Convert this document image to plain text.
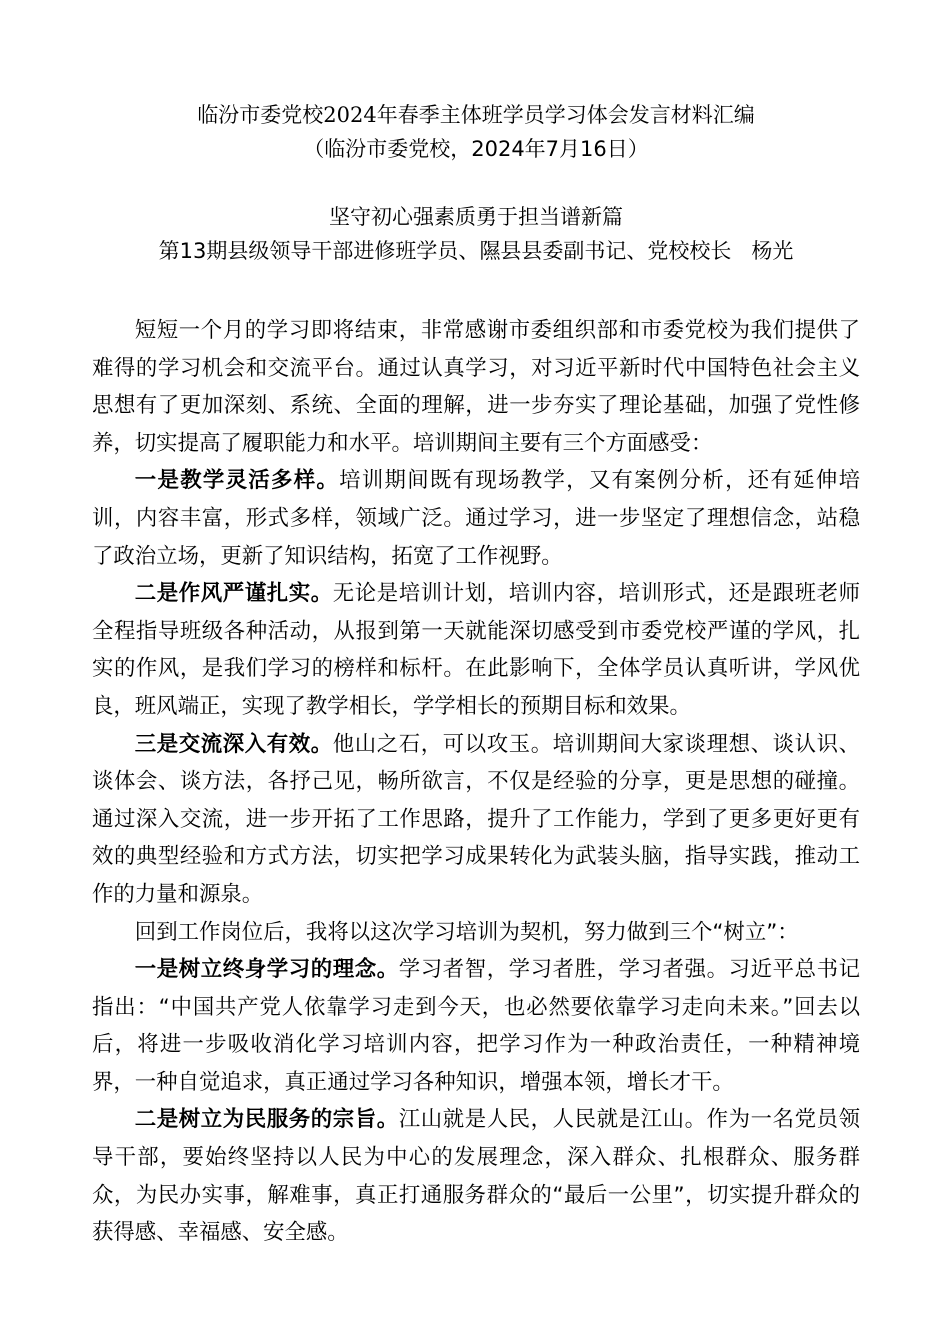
临汾市委党校2024年春季主体班学员学习体会发言材料汇编

（临汾市委党校，2024年7月16日）

坚守初心强素质勇于担当谱新篇

第13期县级领导干部进修班学员、隰县县委副书记、党校校长   杨光

短短一个月的学习即将结束，非常感谢市委组织部和市委党校为我们提供了难得的学习机会和交流平台。通过认真学习，对习近平新时代中国特色社会主义思想有了更加深刻、系统、全面的理解，进一步夯实了理论基础，加强了党性修养，切实提高了履职能力和水平。培训期间主要有三个方面感受：

一是教学灵活多样。培训期间既有现场教学，又有案例分析，还有延伸培训，内容丰富，形式多样，领域广泛。通过学习，进一步坚定了理想信念，站稳了政治立场，更新了知识结构，拓宽了工作视野。

二是作风严谨扎实。无论是培训计划，培训内容，培训形式，还是跟班老师全程指导班级各种活动，从报到第一天就能深切感受到市委党校严谨的学风，扎实的作风，是我们学习的榜样和标杆。在此影响下，全体学员认真听讲，学风优良，班风端正，实现了教学相长，学学相长的预期目标和效果。

三是交流深入有效。他山之石，可以攻玉。培训期间大家谈理想、谈认识、谈体会、谈方法，各抒己见，畅所欲言，不仅是经验的分享，更是思想的碰撞。通过深入交流，进一步开拓了工作思路，提升了工作能力，学到了更多更好更有效的典型经验和方式方法，切实把学习成果转化为武装头脑，指导实践，推动工作的力量和源泉。

回到工作岗位后，我将以这次学习培训为契机，努力做到三个“树立”：

一是树立终身学习的理念。学习者智，学习者胜，学习者强。习近平总书记指出：“中国共产党人依靠学习走到今天，也必然要依靠学习走向未来。”回去以后，将进一步吸收消化学习培训内容，把学习作为一种政治责任，一种精神境界，一种自觉追求，真正通过学习各种知识，增强本领，增长才干。

二是树立为民服务的宗旨。江山就是人民，人民就是江山。作为一名党员领导干部，要始终坚持以人民为中心的发展理念，深入群众、扎根群众、服务群众，为民办实事，解难事，真正打通服务群众的“最后一公里”，切实提升群众的获得感、幸福感、安全感。
